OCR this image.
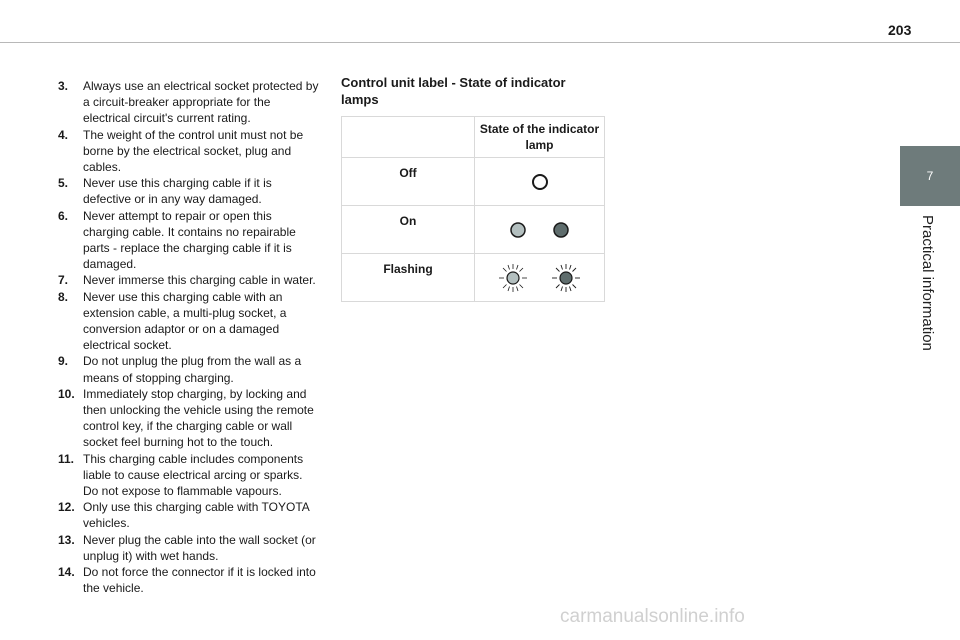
203
7
Practical information
3.	Always use an electrical socket protected by a circuit-breaker appropriate for the electrical circuit's current rating.
4.	The weight of the control unit must not be borne by the electrical socket, plug and cables.
5.	Never use this charging cable if it is defective or in any way damaged.
6.	Never attempt to repair or open this charging cable. It contains no repairable parts - replace the charging cable if it is damaged.
7.	Never immerse this charging cable in water.
8.	Never use this charging cable with an extension cable, a multi-plug socket, a conversion adaptor or on a damaged electrical socket.
9.	Do not unplug the plug from the wall as a means of stopping charging.
10. Immediately stop charging, by locking and then unlocking the vehicle using the remote control key, if the charging cable or wall socket feel burning hot to the touch.
11. This charging cable includes components liable to cause electrical arcing or sparks. Do not expose to flammable vapours.
12. Only use this charging cable with TOYOTA vehicles.
13. Never plug the cable into the wall socket (or unplug it) with wet hands.
14. Do not force the connector if it is locked into the vehicle.
Control unit label - State of indicator lamps
	State of the indicator lamp
Off	
On	
Flashing	
carmanualsonline.info
